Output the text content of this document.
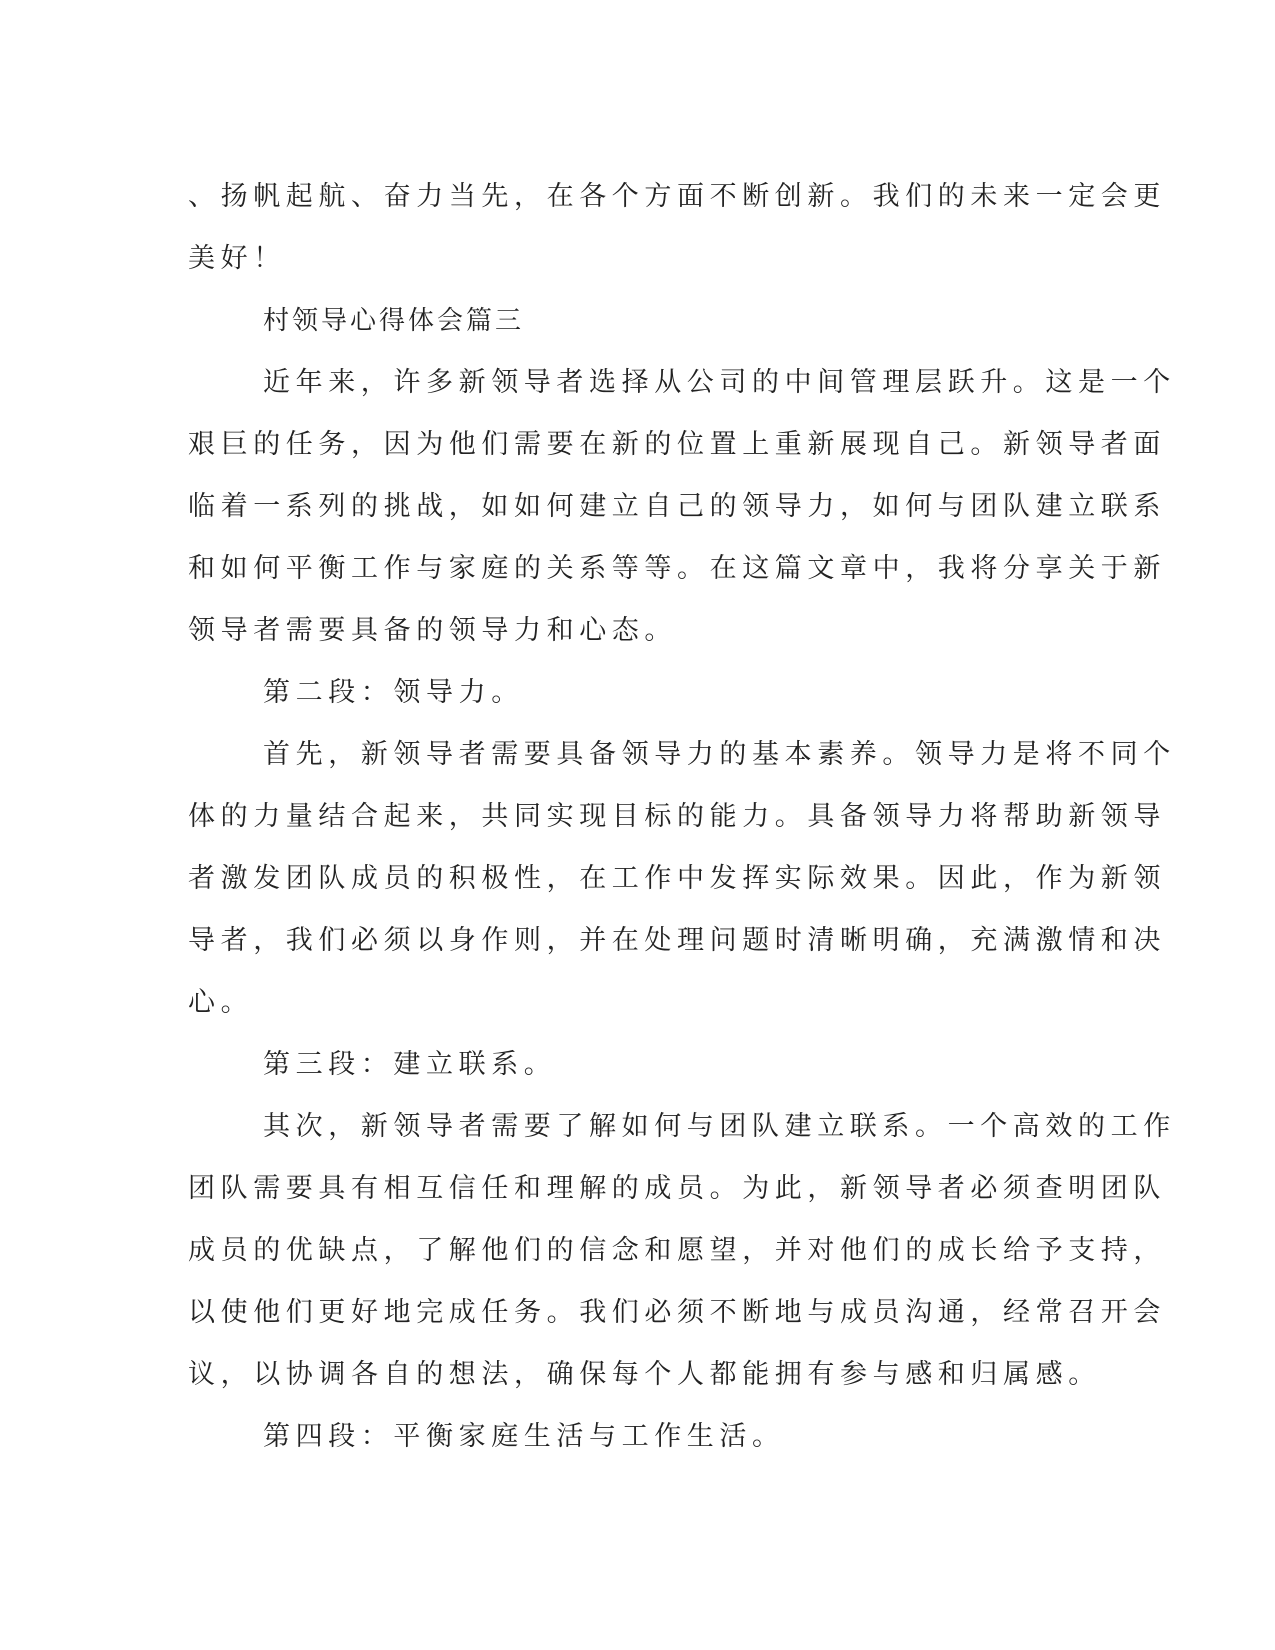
、扬帆起航、奋力当先，在各个方面不断创新。我们的未来一定会更
美好！
村领导心得体会篇三
近年来，许多新领导者选择从公司的中间管理层跃升。这是一个
艰巨的任务，因为他们需要在新的位置上重新展现自己。新领导者面
临着一系列的挑战，如如何建立自己的领导力，如何与团队建立联系
和如何平衡工作与家庭的关系等等。在这篇文章中，我将分享关于新
领导者需要具备的领导力和心态。
第二段：领导力。
首先，新领导者需要具备领导力的基本素养。领导力是将不同个
体的力量结合起来，共同实现目标的能力。具备领导力将帮助新领导
者激发团队成员的积极性，在工作中发挥实际效果。因此，作为新领
导者，我们必须以身作则，并在处理问题时清晰明确，充满激情和决
心。
第三段：建立联系。
其次，新领导者需要了解如何与团队建立联系。一个高效的工作
团队需要具有相互信任和理解的成员。为此，新领导者必须查明团队
成员的优缺点，了解他们的信念和愿望，并对他们的成长给予支持，
以使他们更好地完成任务。我们必须不断地与成员沟通，经常召开会
议，以协调各自的想法，确保每个人都能拥有参与感和归属感。
第四段：平衡家庭生活与工作生活。
